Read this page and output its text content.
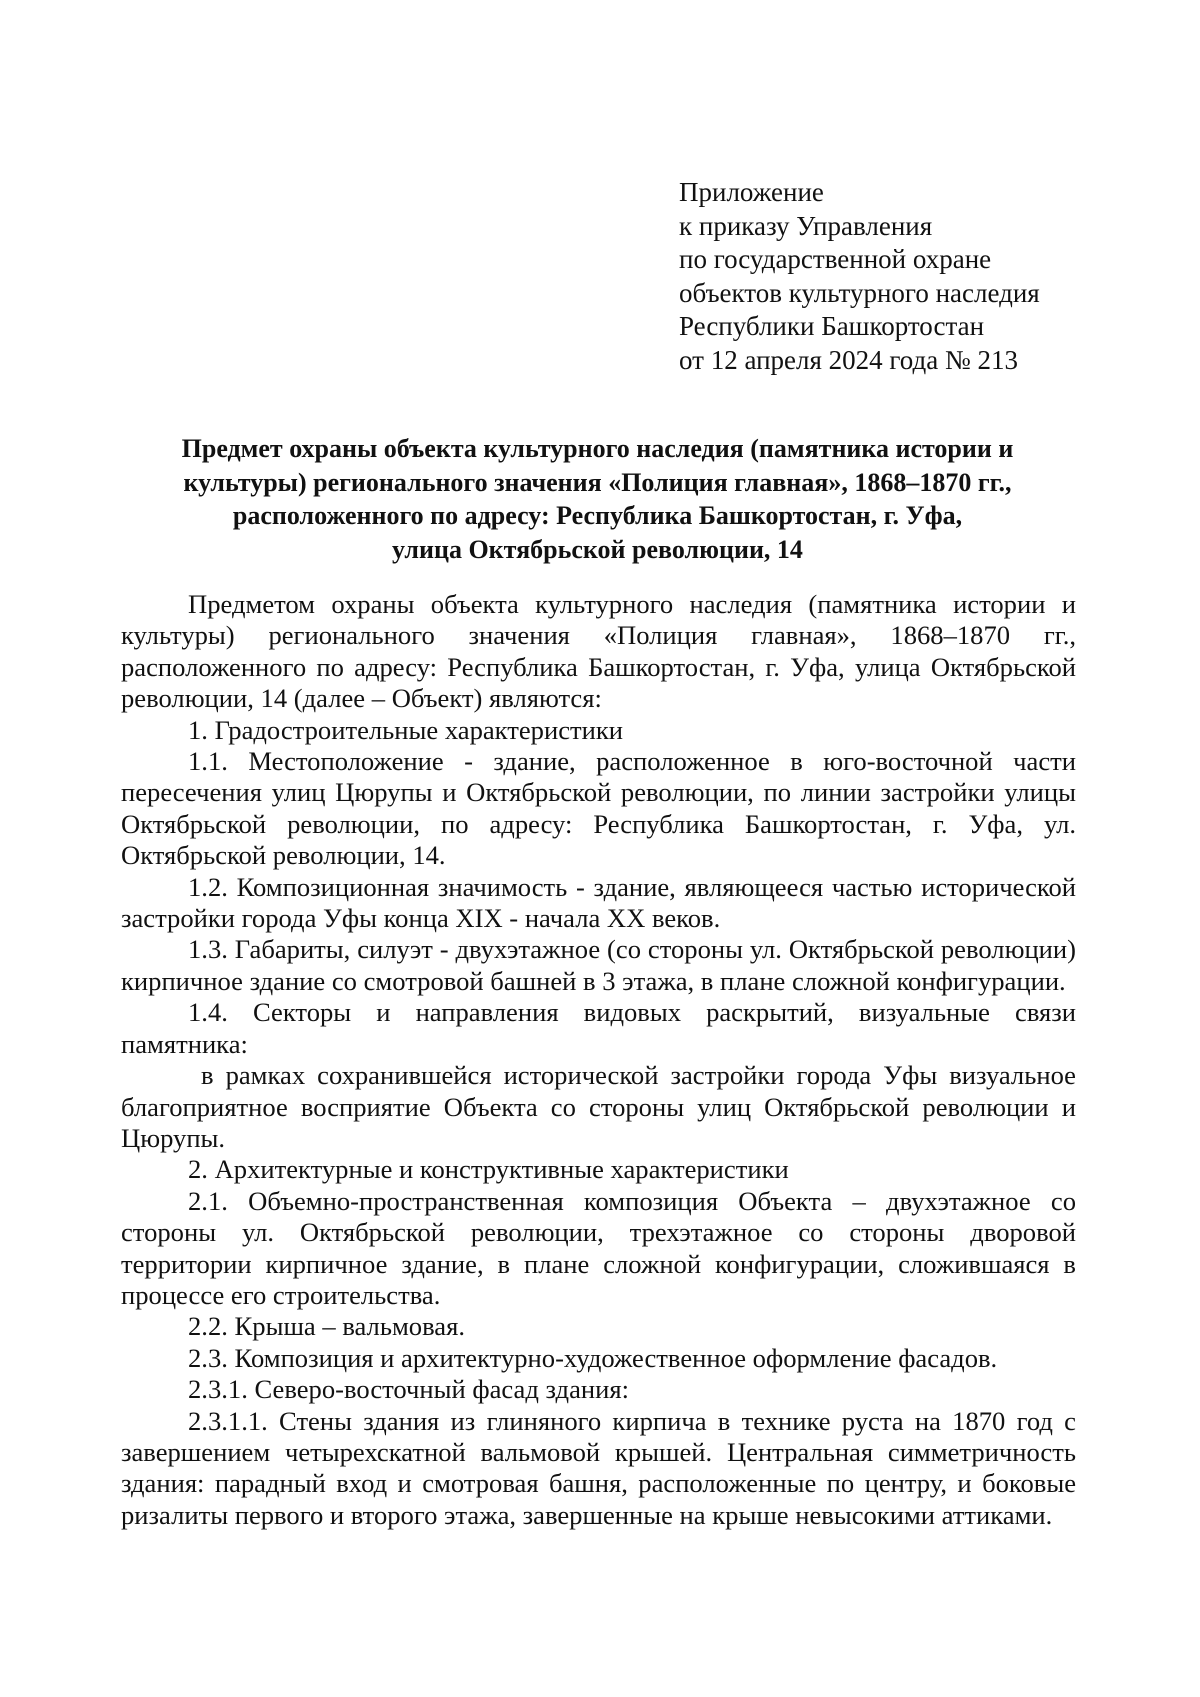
Приложение
к приказу Управления
по государственной охране
объектов культурного наследия
Республики Башкортостан
от 12 апреля 2024 года № 213
Предмет охраны объекта культурного наследия (памятника истории и
культуры) регионального значения «Полиция главная», 1868–1870 гг.,
расположенного по адресу: Республика Башкортостан, г. Уфа,
улица Октябрьской революции, 14

Предметом охраны объекта культурного наследия (памятника истории и культуры) регионального значения «Полиция главная», 1868–1870 гг., расположенного по адресу: Республика Башкортостан, г. Уфа, улица Октябрьской революции, 14 (далее – Объект) являются:

1. Градостроительные характеристики

1.1. Местоположение - здание, расположенное в юго-восточной части пересечения улиц Цюрупы и Октябрьской революции, по линии застройки улицы Октябрьской революции, по адресу: Республика Башкортостан, г. Уфа, ул. Октябрьской революции, 14.

1.2. Композиционная значимость - здание, являющееся частью исторической застройки города Уфы конца XIX - начала XX веков.

1.3. Габариты, силуэт - двухэтажное (со стороны ул. Октябрьской революции) кирпичное здание со смотровой башней в 3 этажа, в плане сложной конфигурации.

1.4. Секторы и направления видовых раскрытий, визуальные связи памятника:

в рамках сохранившейся исторической застройки города Уфы визуальное благоприятное восприятие Объекта со стороны улиц Октябрьской революции и Цюрупы.

2. Архитектурные и конструктивные характеристики

2.1. Объемно-пространственная композиция Объекта – двухэтажное со стороны ул. Октябрьской революции, трехэтажное со стороны дворовой территории кирпичное здание, в плане сложной конфигурации, сложившаяся в процессе его строительства.

2.2. Крыша – вальмовая.

2.3. Композиция и архитектурно-художественное оформление фасадов.

2.3.1. Северо-восточный фасад здания:

2.3.1.1. Стены здания из глиняного кирпича в технике руста на 1870 год с завершением четырехскатной вальмовой крышей. Центральная симметричность здания: парадный вход и смотровая башня, расположенные по центру, и боковые ризалиты первого и второго этажа, завершенные на крыше невысокими аттиками.
